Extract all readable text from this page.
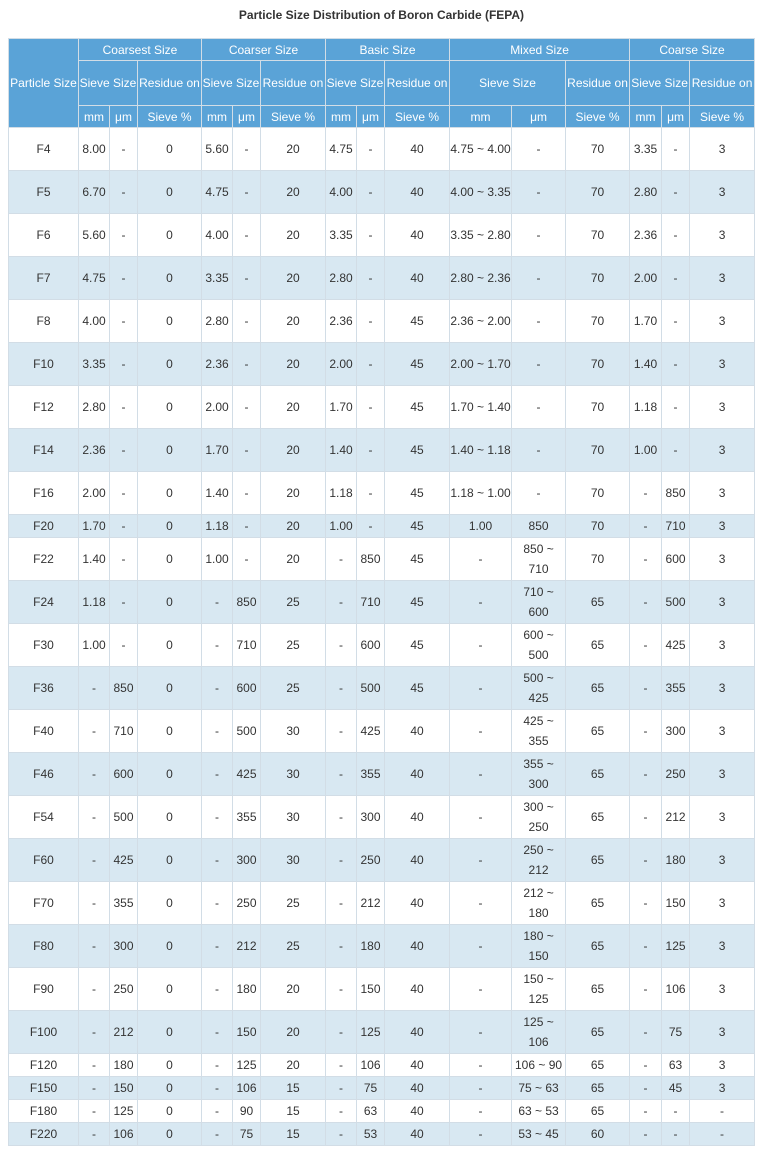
Particle Size Distribution of Boron Carbide (FEPA)
Particle Size	Coarsest Size			Coarser Size			Basic Size			Mixed Size			Coarse Size		
	Sieve Size		Residue on	Sieve Size		Residue on	Sieve Size		Residue on	Sieve Size		Residue on	Sieve Size		Residue on
	mm	μm	Sieve %	mm	μm	Sieve %	mm	μm	Sieve %	mm	μm	Sieve %	mm	μm	Sieve %
F4	8.00	-	0	5.60	-	20	4.75	-	40	4.75 ~ 4.00	-	70	3.35	-	3
F5	6.70	-	0	4.75	-	20	4.00	-	40	4.00 ~ 3.35	-	70	2.80	-	3
F6	5.60	-	0	4.00	-	20	3.35	-	40	3.35 ~ 2.80	-	70	2.36	-	3
F7	4.75	-	0	3.35	-	20	2.80	-	40	2.80 ~ 2.36	-	70	2.00	-	3
F8	4.00	-	0	2.80	-	20	2.36	-	45	2.36 ~ 2.00	-	70	1.70	-	3
F10	3.35	-	0	2.36	-	20	2.00	-	45	2.00 ~ 1.70	-	70	1.40	-	3
F12	2.80	-	0	2.00	-	20	1.70	-	45	1.70 ~ 1.40	-	70	1.18	-	3
F14	2.36	-	0	1.70	-	20	1.40	-	45	1.40 ~ 1.18	-	70	1.00	-	3
F16	2.00	-	0	1.40	-	20	1.18	-	45	1.18 ~ 1.00	-	70	-	850	3
F20	1.70	-	0	1.18	-	20	1.00	-	45	1.00	850	70	-	710	3
F22	1.40	-	0	1.00	-	20	-	850	45	-	850 ~ 710	70	-	600	3
F24	1.18	-	0	-	850	25	-	710	45	-	710 ~ 600	65	-	500	3
F30	1.00	-	0	-	710	25	-	600	45	-	600 ~ 500	65	-	425	3
F36	-	850	0	-	600	25	-	500	45	-	500 ~ 425	65	-	355	3
F40	-	710	0	-	500	30	-	425	40	-	425 ~ 355	65	-	300	3
F46	-	600	0	-	425	30	-	355	40	-	355 ~ 300	65	-	250	3
F54	-	500	0	-	355	30	-	300	40	-	300 ~ 250	65	-	212	3
F60	-	425	0	-	300	30	-	250	40	-	250 ~ 212	65	-	180	3
F70	-	355	0	-	250	25	-	212	40	-	212 ~ 180	65	-	150	3
F80	-	300	0	-	212	25	-	180	40	-	180 ~ 150	65	-	125	3
F90	-	250	0	-	180	20	-	150	40	-	150 ~ 125	65	-	106	3
F100	-	212	0	-	150	20	-	125	40	-	125 ~ 106	65	-	75	3
F120	-	180	0	-	125	20	-	106	40	-	106 ~ 90	65	-	63	3
F150	-	150	0	-	106	15	-	75	40	-	75 ~ 63	65	-	45	3
F180	-	125	0	-	90	15	-	63	40	-	63 ~ 53	65	-	-	-
F220	-	106	0	-	75	15	-	53	40	-	53 ~ 45	60	-	-	-
